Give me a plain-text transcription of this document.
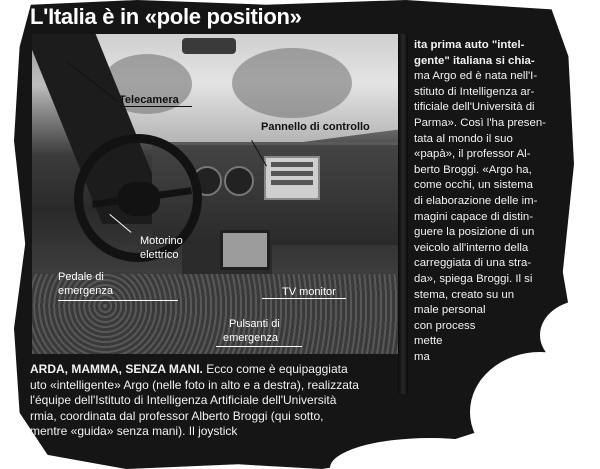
L'Italia è in «pole position»
Telecamera
Pannello di controllo
Motorino
elettrico
Pedale di
emergenza	TV monitor
Pulsanti di
emergenza
ARDA, MAMMA, SENZA MANI. Ecco come è equipaggiata
uto «intelligente» Argo (nelle foto in alto e a destra), realizzata
l'équipe dell'Istituto di Intelligenza Artificiale dell'Università
rmia, coordinata dal professor Alberto Broggi (qui sotto,
mentre «guida» senza mani). Il joystick
ita prima auto "intel-
gente" italiana si chia-
ma Argo ed è nata nell'I-
stituto di Intelligenza ar-
tificiale dell'Università di
Parma». Così l'ha presen-
tata al mondo il suo
«papà», il professor Al-
berto Broggi. «Argo ha,
come occhi, un sistema
di elaborazione delle im-
magini capace di distin-
guere la posizione di un
veicolo all'interno della
carreggiata di una stra-
da», spiega Broggi. Il si
stema, creato su un
male personal
con process
mette
ma
